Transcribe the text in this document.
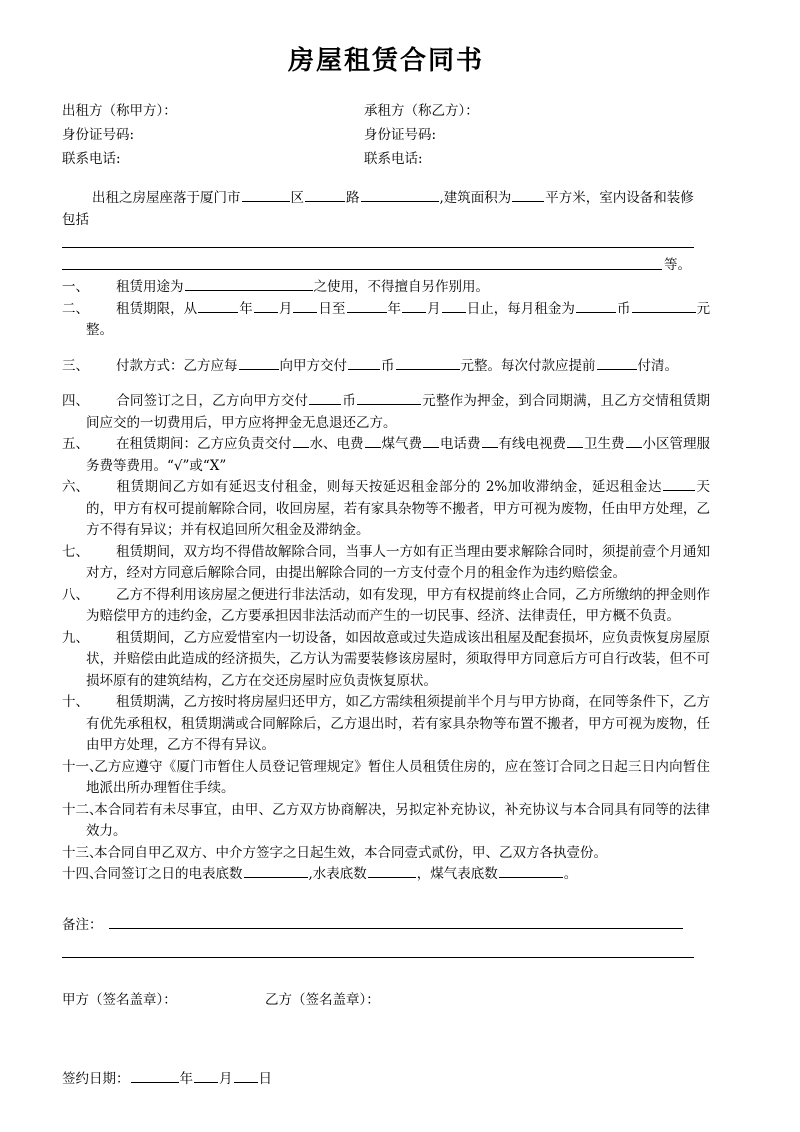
房屋租赁合同书
出租方（称甲方）：	承租方（称乙方）：
身份证号码:	身份证号码:
联系电话:	联系电话:
出租之房屋座落于厦门市	区	路	,建筑面积为	平方米，室内设备和装修
包括
等。
一、	租赁用途为	之使用，不得擅自另作别用。
二、	租赁期限，从	年 月 日至	年 月 日止，每月租金为	币	元整。
三、	付款方式：乙方应每	向甲方交付	币	元整。每次付款应提前	付清。
四、	合同签订之日，乙方向甲方交付	币	元整作为押金，到合同期满，且乙方交情租赁期间应交的一切费用后，甲方应将押金无息退还乙方。
五、	在租赁期间：乙方应负责交付 水、电费 煤气费 电话费 有线电视费 卫生费 小区管理服务费等费用。“√”或“X”
六、	租赁期间乙方如有延迟支付租金，则每天按延迟租金部分的 2%加收滞纳金，延迟租金达	天的，甲方有权可提前解除合同，收回房屋，若有家具杂物等不搬者，甲方可视为废物，任由甲方处理，乙方不得有异议；并有权追回所欠租金及滞纳金。
七、	租赁期间，双方均不得借故解除合同，当事人一方如有正当理由要求解除合同时，须提前壹个月通知对方，经对方同意后解除合同，由提出解除合同的一方支付壹个月的租金作为违约赔偿金。
八、	乙方不得利用该房屋之便进行非法活动，如有发现，甲方有权提前终止合同，乙方所缴纳的押金则作为赔偿甲方的违约金，乙方要承担因非法活动而产生的一切民事、经济、法律责任，甲方概不负责。
九、	租赁期间，乙方应爱惜室内一切设备，如因故意或过失造成该出租屋及配套损坏，应负责恢复房屋原状，并赔偿由此造成的经济损失，乙方认为需要装修该房屋时，须取得甲方同意后方可自行改装，但不可损坏原有的建筑结构，乙方在交还房屋时应负责恢复原状。
十、	租赁期满，乙方按时将房屋归还甲方，如乙方需续租须提前半个月与甲方协商，在同等条件下，乙方有优先承租权，租赁期满或合同解除后，乙方退出时，若有家具杂物等布置不搬者，甲方可视为废物，任由甲方处理，乙方不得有异议。
十一、
乙方应遵守《厦门市暂住人员登记管理规定》暂住人员租赁住房的，应在签订合同之日起三日内向暂住地派出所办理暂住手续。
十二、
本合同若有未尽事宜，由甲、乙方双方协商解决，另拟定补充协议，补充协议与本合同具有同等的法律效力。
十三、
本合同自甲乙双方、中介方签字之日起生效，本合同壹式贰份，甲、乙双方各执壹份。
十四、
合同签订之日的电表底数	,水表底数	，煤气表底数	。
备注：
甲方（签名盖章）：	乙方（签名盖章）：
签约日期：	年 月 日
